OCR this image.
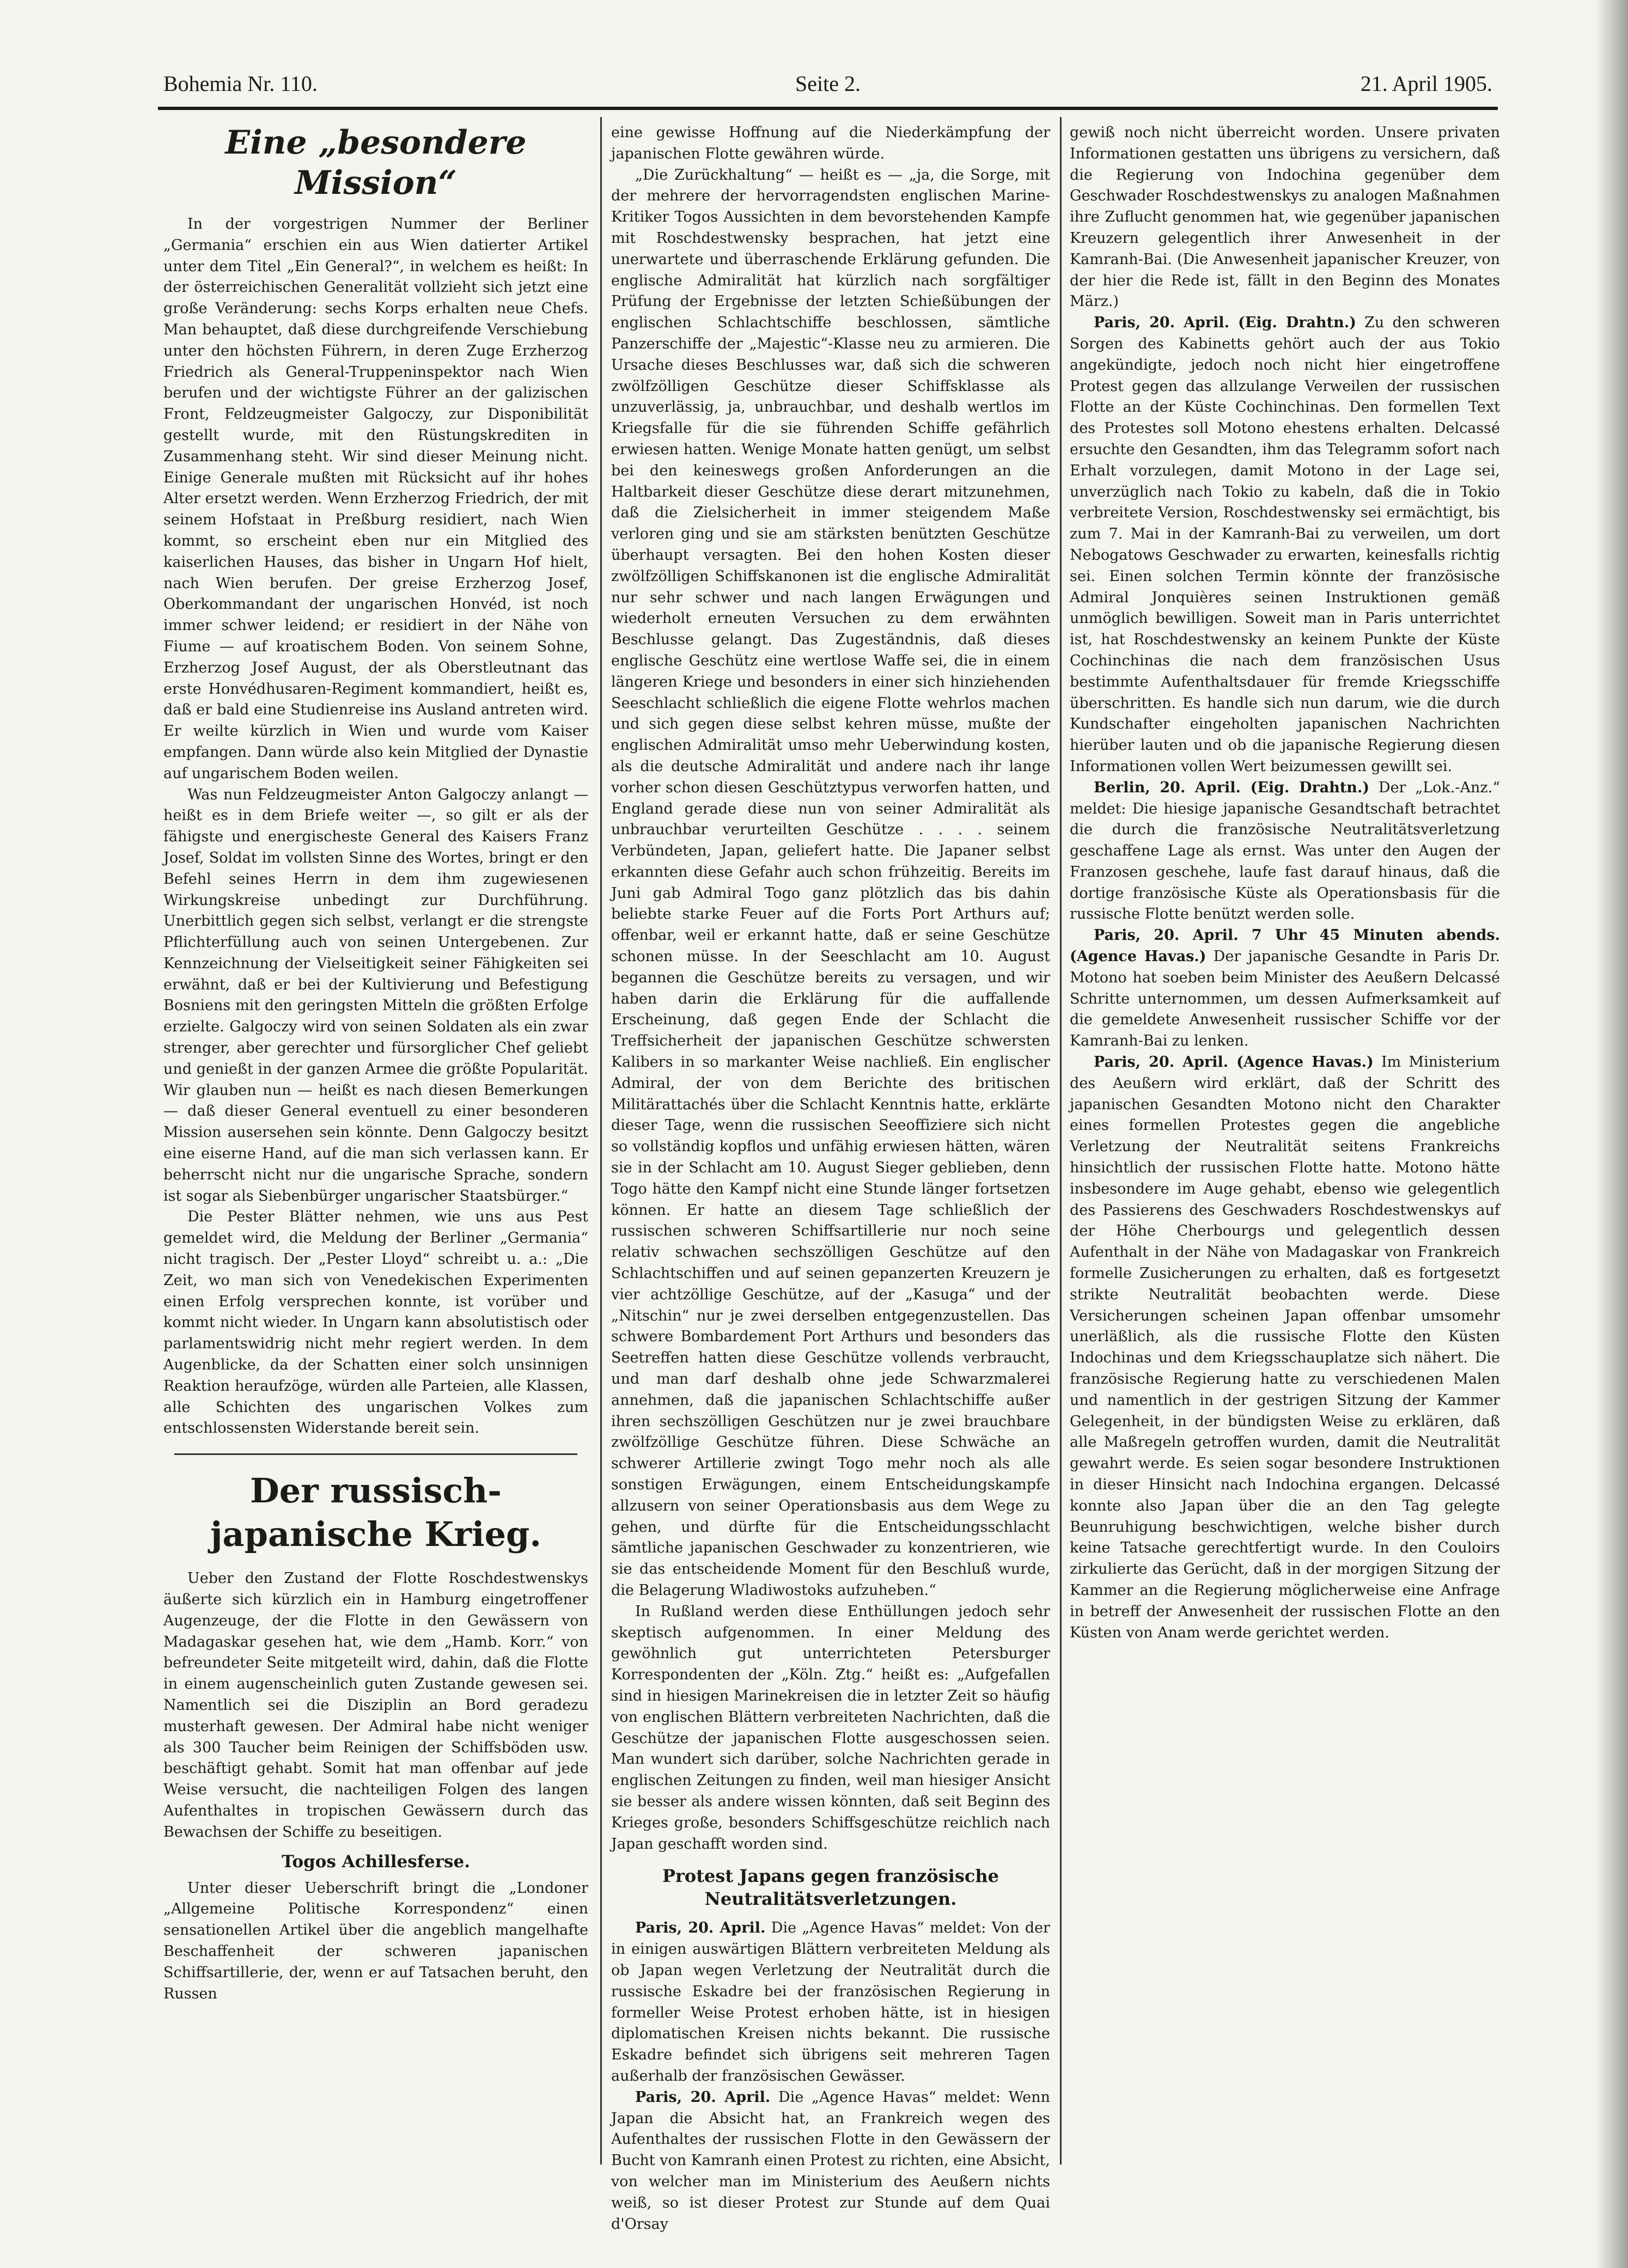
Bohemia Nr. 110.	Seite 2.	21. April 1905.
Eine „besondere Mission“

In der vorgestrigen Nummer der Berliner „Germania“ erschien ein aus Wien datierter Artikel unter dem Titel „Ein General?“, in welchem es heißt: In der österreichischen Generalität vollzieht sich jetzt eine große Veränderung: sechs Korps erhalten neue Chefs. Man behauptet, daß diese durchgreifende Verschiebung unter den höchsten Führern, in deren Zuge Erzherzog Friedrich als General-Truppeninspektor nach Wien berufen und der wichtigste Führer an der galizischen Front, Feldzeugmeister Galgoczy, zur Disponibilität gestellt wurde, mit den Rüstungskrediten in Zusammenhang steht. Wir sind dieser Meinung nicht. Einige Generale mußten mit Rücksicht auf ihr hohes Alter ersetzt werden. Wenn Erzherzog Friedrich, der mit seinem Hofstaat in Preßburg residiert, nach Wien kommt, so erscheint eben nur ein Mitglied des kaiserlichen Hauses, das bisher in Ungarn Hof hielt, nach Wien berufen. Der greise Erzherzog Josef, Oberkommandant der ungarischen Honvéd, ist noch immer schwer leidend; er residiert in der Nähe von Fiume — auf kroatischem Boden. Von seinem Sohne, Erzherzog Josef August, der als Oberstleutnant das erste Honvédhusaren-Regiment kommandiert, heißt es, daß er bald eine Studienreise ins Ausland antreten wird. Er weilte kürzlich in Wien und wurde vom Kaiser empfangen. Dann würde also kein Mitglied der Dynastie auf ungarischem Boden weilen.

Was nun Feldzeugmeister Anton Galgoczy anlangt — heißt es in dem Briefe weiter —, so gilt er als der fähigste und energischeste General des Kaisers Franz Josef, Soldat im vollsten Sinne des Wortes, bringt er den Befehl seines Herrn in dem ihm zugewiesenen Wirkungskreise unbedingt zur Durchführung. Unerbittlich gegen sich selbst, verlangt er die strengste Pflichterfüllung auch von seinen Untergebenen. Zur Kennzeichnung der Vielseitigkeit seiner Fähigkeiten sei erwähnt, daß er bei der Kultivierung und Befestigung Bosniens mit den geringsten Mitteln die größten Erfolge erzielte. Galgoczy wird von seinen Soldaten als ein zwar strenger, aber gerechter und fürsorglicher Chef geliebt und genießt in der ganzen Armee die größte Popularität. Wir glauben nun — heißt es nach diesen Bemerkungen — daß dieser General eventuell zu einer besonderen Mission ausersehen sein könnte. Denn Galgoczy besitzt eine eiserne Hand, auf die man sich verlassen kann. Er beherrscht nicht nur die ungarische Sprache, sondern ist sogar als Siebenbürger ungarischer Staatsbürger.“

Die Pester Blätter nehmen, wie uns aus Pest gemeldet wird, die Meldung der Berliner „Germania“ nicht tragisch. Der „Pester Lloyd“ schreibt u. a.: „Die Zeit, wo man sich von Venedekischen Experimenten einen Erfolg versprechen konnte, ist vorüber und kommt nicht wieder. In Ungarn kann absolutistisch oder parlamentswidrig nicht mehr regiert werden. In dem Augenblicke, da der Schatten einer solch unsinnigen Reaktion heraufzöge, würden alle Parteien, alle Klassen, alle Schichten des ungarischen Volkes zum entschlossensten Widerstande bereit sein.

Der russisch-japanische Krieg.

Ueber den Zustand der Flotte Roschdestwenskys äußerte sich kürzlich ein in Hamburg eingetroffener Augenzeuge, der die Flotte in den Gewässern von Madagaskar gesehen hat, wie dem „Hamb. Korr.“ von befreundeter Seite mitgeteilt wird, dahin, daß die Flotte in einem augenscheinlich guten Zustande gewesen sei. Namentlich sei die Disziplin an Bord geradezu musterhaft gewesen. Der Admiral habe nicht weniger als 300 Taucher beim Reinigen der Schiffsböden usw. beschäftigt gehabt. Somit hat man offenbar auf jede Weise versucht, die nachteiligen Folgen des langen Aufenthaltes in tropischen Gewässern durch das Bewachsen der Schiffe zu beseitigen.

Togos Achillesferse.

Unter dieser Ueberschrift bringt die „Londoner „Allgemeine Politische Korrespondenz“ einen sensationellen Artikel über die angeblich mangelhafte Beschaffenheit der schweren japanischen Schiffsartillerie, der, wenn er auf Tatsachen beruht, den Russen

eine gewisse Hoffnung auf die Niederkämpfung der japanischen Flotte gewähren würde.

„Die Zurückhaltung“ — heißt es — „ja, die Sorge, mit der mehrere der hervorragendsten englischen Marine-Kritiker Togos Aussichten in dem bevorstehenden Kampfe mit Roschdestwensky besprachen, hat jetzt eine unerwartete und überraschende Erklärung gefunden. Die englische Admiralität hat kürzlich nach sorgfältiger Prüfung der Ergebnisse der letzten Schießübungen der englischen Schlachtschiffe beschlossen, sämtliche Panzerschiffe der „Majestic“-Klasse neu zu armieren. Die Ursache dieses Beschlusses war, daß sich die schweren zwölfzölligen Geschütze dieser Schiffsklasse als unzuverlässig, ja, unbrauchbar, und deshalb wertlos im Kriegsfalle für die sie führenden Schiffe gefährlich erwiesen hatten. Wenige Monate hatten genügt, um selbst bei den keineswegs großen Anforderungen an die Haltbarkeit dieser Geschütze diese derart mitzunehmen, daß die Zielsicherheit in immer steigendem Maße verloren ging und sie am stärksten benützten Geschütze überhaupt versagten. Bei den hohen Kosten dieser zwölfzölligen Schiffskanonen ist die englische Admiralität nur sehr schwer und nach langen Erwägungen und wiederholt erneuten Versuchen zu dem erwähnten Beschlusse gelangt. Das Zugeständnis, daß dieses englische Geschütz eine wertlose Waffe sei, die in einem längeren Kriege und besonders in einer sich hinziehenden Seeschlacht schließlich die eigene Flotte wehrlos machen und sich gegen diese selbst kehren müsse, mußte der englischen Admiralität umso mehr Ueberwindung kosten, als die deutsche Admiralität und andere nach ihr lange vorher schon diesen Geschütztypus verworfen hatten, und England gerade diese nun von seiner Admiralität als unbrauchbar verurteilten Geschütze . . . . seinem Verbündeten, Japan, geliefert hatte. Die Japaner selbst erkannten diese Gefahr auch schon frühzeitig. Bereits im Juni gab Admiral Togo ganz plötzlich das bis dahin beliebte starke Feuer auf die Forts Port Arthurs auf; offenbar, weil er erkannt hatte, daß er seine Geschütze schonen müsse. In der Seeschlacht am 10. August begannen die Geschütze bereits zu versagen, und wir haben darin die Erklärung für die auffallende Erscheinung, daß gegen Ende der Schlacht die Treffsicherheit der japanischen Geschütze schwersten Kalibers in so markanter Weise nachließ. Ein englischer Admiral, der von dem Berichte des britischen Militärattachés über die Schlacht Kenntnis hatte, erklärte dieser Tage, wenn die russischen Seeoffiziere sich nicht so vollständig kopflos und unfähig erwiesen hätten, wären sie in der Schlacht am 10. August Sieger geblieben, denn Togo hätte den Kampf nicht eine Stunde länger fortsetzen können. Er hatte an diesem Tage schließlich der russischen schweren Schiffsartillerie nur noch seine relativ schwachen sechszölligen Geschütze auf den Schlachtschiffen und auf seinen gepanzerten Kreuzern je vier achtzöllige Geschütze, auf der „Kasuga“ und der „Nitschin“ nur je zwei derselben entgegenzustellen. Das schwere Bombardement Port Arthurs und besonders das Seetreffen hatten diese Geschütze vollends verbraucht, und man darf deshalb ohne jede Schwarzmalerei annehmen, daß die japanischen Schlachtschiffe außer ihren sechszölligen Geschützen nur je zwei brauchbare zwölfzöllige Geschütze führen. Diese Schwäche an schwerer Artillerie zwingt Togo mehr noch als alle sonstigen Erwägungen, einem Entscheidungskampfe allzusern von seiner Operationsbasis aus dem Wege zu gehen, und dürfte für die Entscheidungsschlacht sämtliche japanischen Geschwader zu konzentrieren, wie sie das entscheidende Moment für den Beschluß wurde, die Belagerung Wladiwostoks aufzuheben.“

In Rußland werden diese Enthüllungen jedoch sehr skeptisch aufgenommen. In einer Meldung des gewöhnlich gut unterrichteten Petersburger Korrespondenten der „Köln. Ztg.“ heißt es: „Aufgefallen sind in hiesigen Marinekreisen die in letzter Zeit so häufig von englischen Blättern verbreiteten Nachrichten, daß die Geschütze der japanischen Flotte ausgeschossen seien. Man wundert sich darüber, solche Nachrichten gerade in englischen Zeitungen zu finden, weil man hiesiger Ansicht sie besser als andere wissen könnten, daß seit Beginn des Krieges große, besonders Schiffsgeschütze reichlich nach Japan geschafft worden sind.

Protest Japans gegen französische Neutralitätsverletzungen.

Paris, 20. April. Die „Agence Havas“ meldet: Von der in einigen auswärtigen Blättern verbreiteten Meldung als ob Japan wegen Verletzung der Neutralität durch die russische Eskadre bei der französischen Regierung in formeller Weise Protest erhoben hätte, ist in hiesigen diplomatischen Kreisen nichts bekannt. Die russische Eskadre befindet sich übrigens seit mehreren Tagen außerhalb der französischen Gewässer.

Paris, 20. April. Die „Agence Havas“ meldet: Wenn Japan die Absicht hat, an Frankreich wegen des Aufenthaltes der russischen Flotte in den Gewässern der Bucht von Kamranh einen Protest zu richten, eine Absicht, von welcher man im Ministerium des Aeußern nichts weiß, so ist dieser Protest zur Stunde auf dem Quai d'Orsay

gewiß noch nicht überreicht worden. Unsere privaten Informationen gestatten uns übrigens zu versichern, daß die Regierung von Indochina gegenüber dem Geschwader Roschdestwenskys zu analogen Maßnahmen ihre Zuflucht genommen hat, wie gegenüber japanischen Kreuzern gelegentlich ihrer Anwesenheit in der Kamranh-Bai. (Die Anwesenheit japanischer Kreuzer, von der hier die Rede ist, fällt in den Beginn des Monates März.)

Paris, 20. April. (Eig. Drahtn.) Zu den schweren Sorgen des Kabinetts gehört auch der aus Tokio angekündigte, jedoch noch nicht hier eingetroffene Protest gegen das allzulange Verweilen der russischen Flotte an der Küste Cochinchinas. Den formellen Text des Protestes soll Motono ehestens erhalten. Delcassé ersuchte den Gesandten, ihm das Telegramm sofort nach Erhalt vorzulegen, damit Motono in der Lage sei, unverzüglich nach Tokio zu kabeln, daß die in Tokio verbreitete Version, Roschdestwensky sei ermächtigt, bis zum 7. Mai in der Kamranh-Bai zu verweilen, um dort Nebogatows Geschwader zu erwarten, keinesfalls richtig sei. Einen solchen Termin könnte der französische Admiral Jonquières seinen Instruktionen gemäß unmöglich bewilligen. Soweit man in Paris unterrichtet ist, hat Roschdestwensky an keinem Punkte der Küste Cochinchinas die nach dem französischen Usus bestimmte Aufenthaltsdauer für fremde Kriegsschiffe überschritten. Es handle sich nun darum, wie die durch Kundschafter eingeholten japanischen Nachrichten hierüber lauten und ob die japanische Regierung diesen Informationen vollen Wert beizumessen gewillt sei.

Berlin, 20. April. (Eig. Drahtn.) Der „Lok.-Anz.“ meldet: Die hiesige japanische Gesandtschaft betrachtet die durch die französische Neutralitätsverletzung geschaffene Lage als ernst. Was unter den Augen der Franzosen geschehe, laufe fast darauf hinaus, daß die dortige französische Küste als Operationsbasis für die russische Flotte benützt werden solle.

Paris, 20. April. 7 Uhr 45 Minuten abends. (Agence Havas.) Der japanische Gesandte in Paris Dr. Motono hat soeben beim Minister des Aeußern Delcassé Schritte unternommen, um dessen Aufmerksamkeit auf die gemeldete Anwesenheit russischer Schiffe vor der Kamranh-Bai zu lenken.

Paris, 20. April. (Agence Havas.) Im Ministerium des Aeußern wird erklärt, daß der Schritt des japanischen Gesandten Motono nicht den Charakter eines formellen Protestes gegen die angebliche Verletzung der Neutralität seitens Frankreichs hinsichtlich der russischen Flotte hatte. Motono hätte insbesondere im Auge gehabt, ebenso wie gelegentlich des Passierens des Geschwaders Roschdestwenskys auf der Höhe Cherbourgs und gelegentlich dessen Aufenthalt in der Nähe von Madagaskar von Frankreich formelle Zusicherungen zu erhalten, daß es fortgesetzt strikte Neutralität beobachten werde. Diese Versicherungen scheinen Japan offenbar umsomehr unerläßlich, als die russische Flotte den Küsten Indochinas und dem Kriegsschauplatze sich nähert. Die französische Regierung hatte zu verschiedenen Malen und namentlich in der gestrigen Sitzung der Kammer Gelegenheit, in der bündigsten Weise zu erklären, daß alle Maßregeln getroffen wurden, damit die Neutralität gewahrt werde. Es seien sogar besondere Instruktionen in dieser Hinsicht nach Indochina ergangen. Delcassé konnte also Japan über die an den Tag gelegte Beunruhigung beschwichtigen, welche bisher durch keine Tatsache gerechtfertigt wurde. In den Couloirs zirkulierte das Gerücht, daß in der morgigen Sitzung der Kammer an die Regierung möglicherweise eine Anfrage in betreff der Anwesenheit der russischen Flotte an den Küsten von Anam werde gerichtet werden.
